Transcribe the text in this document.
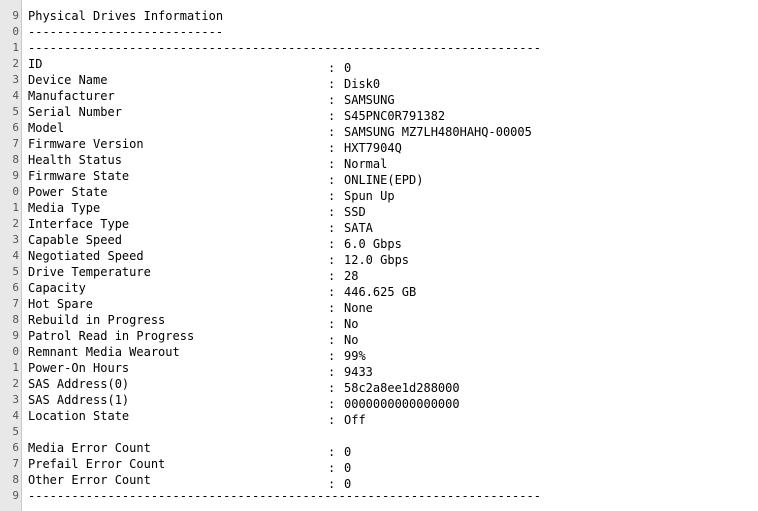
9
0
1
2
3
4
5
6
7
8
9
0
1
2
3
4
5
6
7
8
9
0
1
2
3
4
5
6
7
8
9
Physical Drives Information
---------------------------
-----------------------------------------------------------------------
ID	: 0
Device Name	: Disk0
Manufacturer	: SAMSUNG
Serial Number	: S45PNC0R791382
Model	: SAMSUNG MZ7LH480HAHQ-00005
Firmware Version	: HXT7904Q
Health Status	: Normal
Firmware State	: ONLINE(EPD)
Power State	: Spun Up
Media Type	: SSD
Interface Type	: SATA
Capable Speed	: 6.0 Gbps
Negotiated Speed	: 12.0 Gbps
Drive Temperature	: 28
Capacity	: 446.625 GB
Hot Spare	: None
Rebuild in Progress	: No
Patrol Read in Progress	: No
Remnant Media Wearout	: 99%
Power-On Hours	: 9433
SAS Address(0)	: 58c2a8ee1d288000
SAS Address(1)	: 0000000000000000
Location State	: Off
Media Error Count	: 0
Prefail Error Count	: 0
Other Error Count	: 0
-----------------------------------------------------------------------
